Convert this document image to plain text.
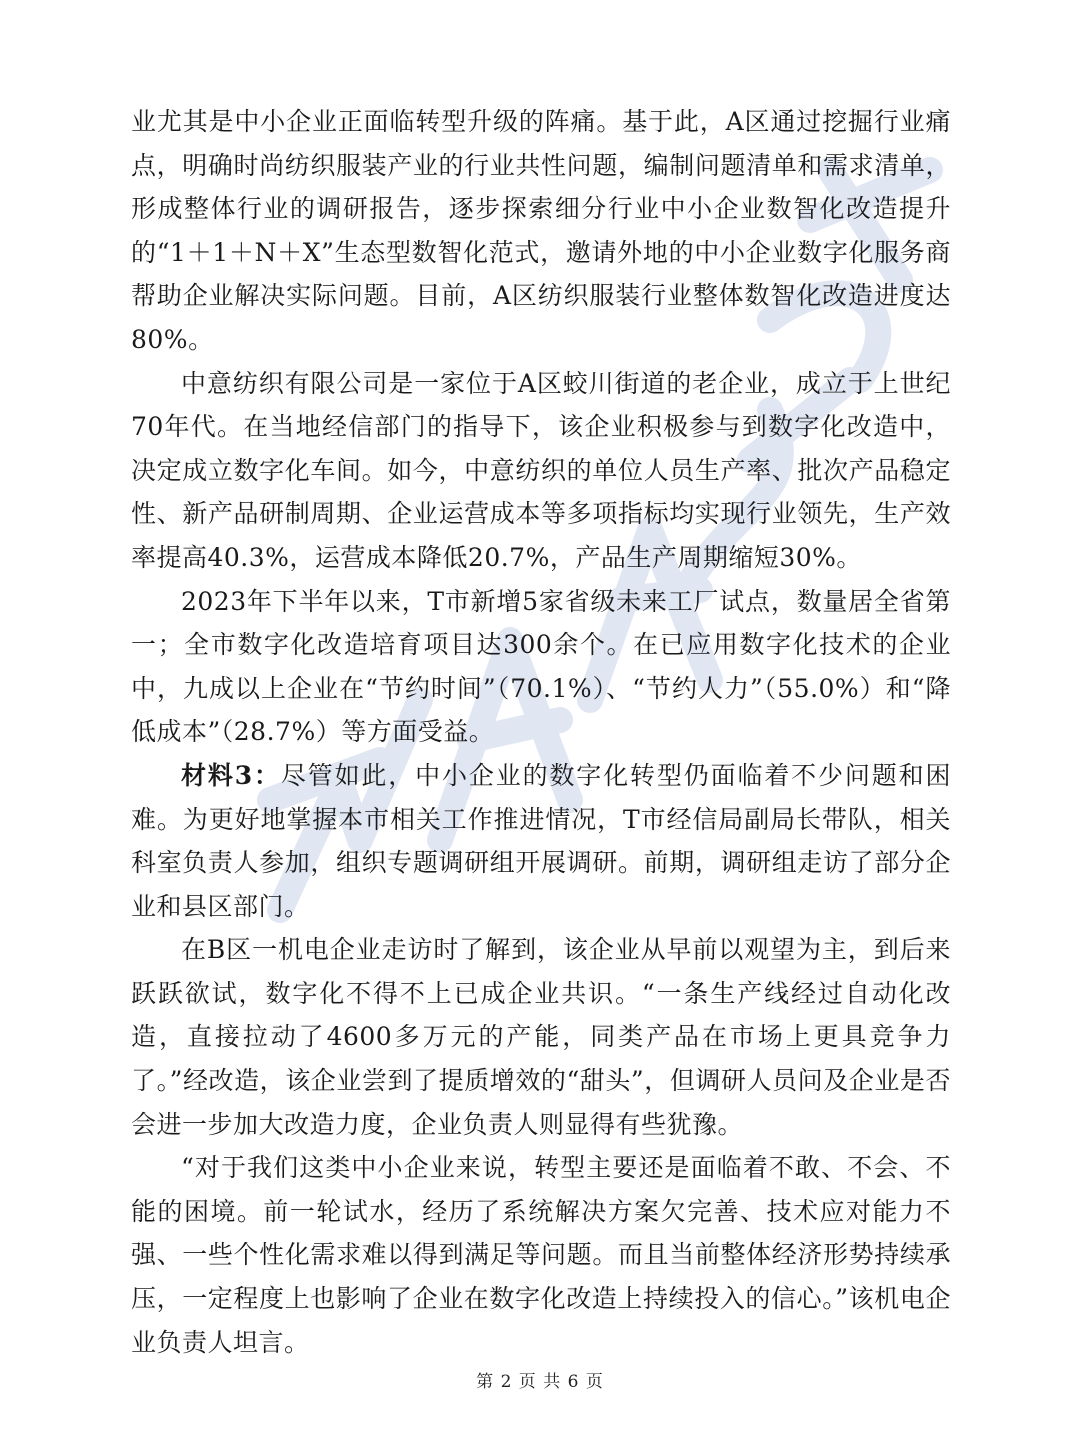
业尤其是中小企业正面临转型升级的阵痛。基于此，A区通过挖掘行业痛点，明确时尚纺织服装产业的行业共性问题，编制问题清单和需求清单，形成整体行业的调研报告，逐步探索细分行业中小企业数智化改造提升的“1＋1＋N＋X”生态型数智化范式，邀请外地的中小企业数字化服务商帮助企业解决实际问题。目前，A区纺织服装行业整体数智化改造进度达80%。

中意纺织有限公司是一家位于A区蛟川街道的老企业，成立于上世纪70年代。在当地经信部门的指导下，该企业积极参与到数字化改造中，决定成立数字化车间。如今，中意纺织的单位人员生产率、批次产品稳定性、新产品研制周期、企业运营成本等多项指标均实现行业领先，生产效率提高40.3%，运营成本降低20.7%，产品生产周期缩短30%。

2023年下半年以来，T市新增5家省级未来工厂试点，数量居全省第一；全市数字化改造培育项目达300余个。在已应用数字化技术的企业中，九成以上企业在“节约时间”（70.1%）、“节约人力”（55.0%）和“降低成本”（28.7%）等方面受益。

材料3：尽管如此，中小企业的数字化转型仍面临着不少问题和困难。为更好地掌握本市相关工作推进情况，T市经信局副局长带队，相关科室负责人参加，组织专题调研组开展调研。前期，调研组走访了部分企业和县区部门。

在B区一机电企业走访时了解到，该企业从早前以观望为主，到后来跃跃欲试，数字化不得不上已成企业共识。“一条生产线经过自动化改造，直接拉动了4600多万元的产能，同类产品在市场上更具竞争力了。”经改造，该企业尝到了提质增效的“甜头”，但调研人员问及企业是否会进一步加大改造力度，企业负责人则显得有些犹豫。

“对于我们这类中小企业来说，转型主要还是面临着不敢、不会、不能的困境。前一轮试水，经历了系统解决方案欠完善、技术应对能力不强、一些个性化需求难以得到满足等问题。而且当前整体经济形势持续承压，一定程度上也影响了企业在数字化改造上持续投入的信心。”该机电企业负责人坦言。

第 2 页 共 6 页
